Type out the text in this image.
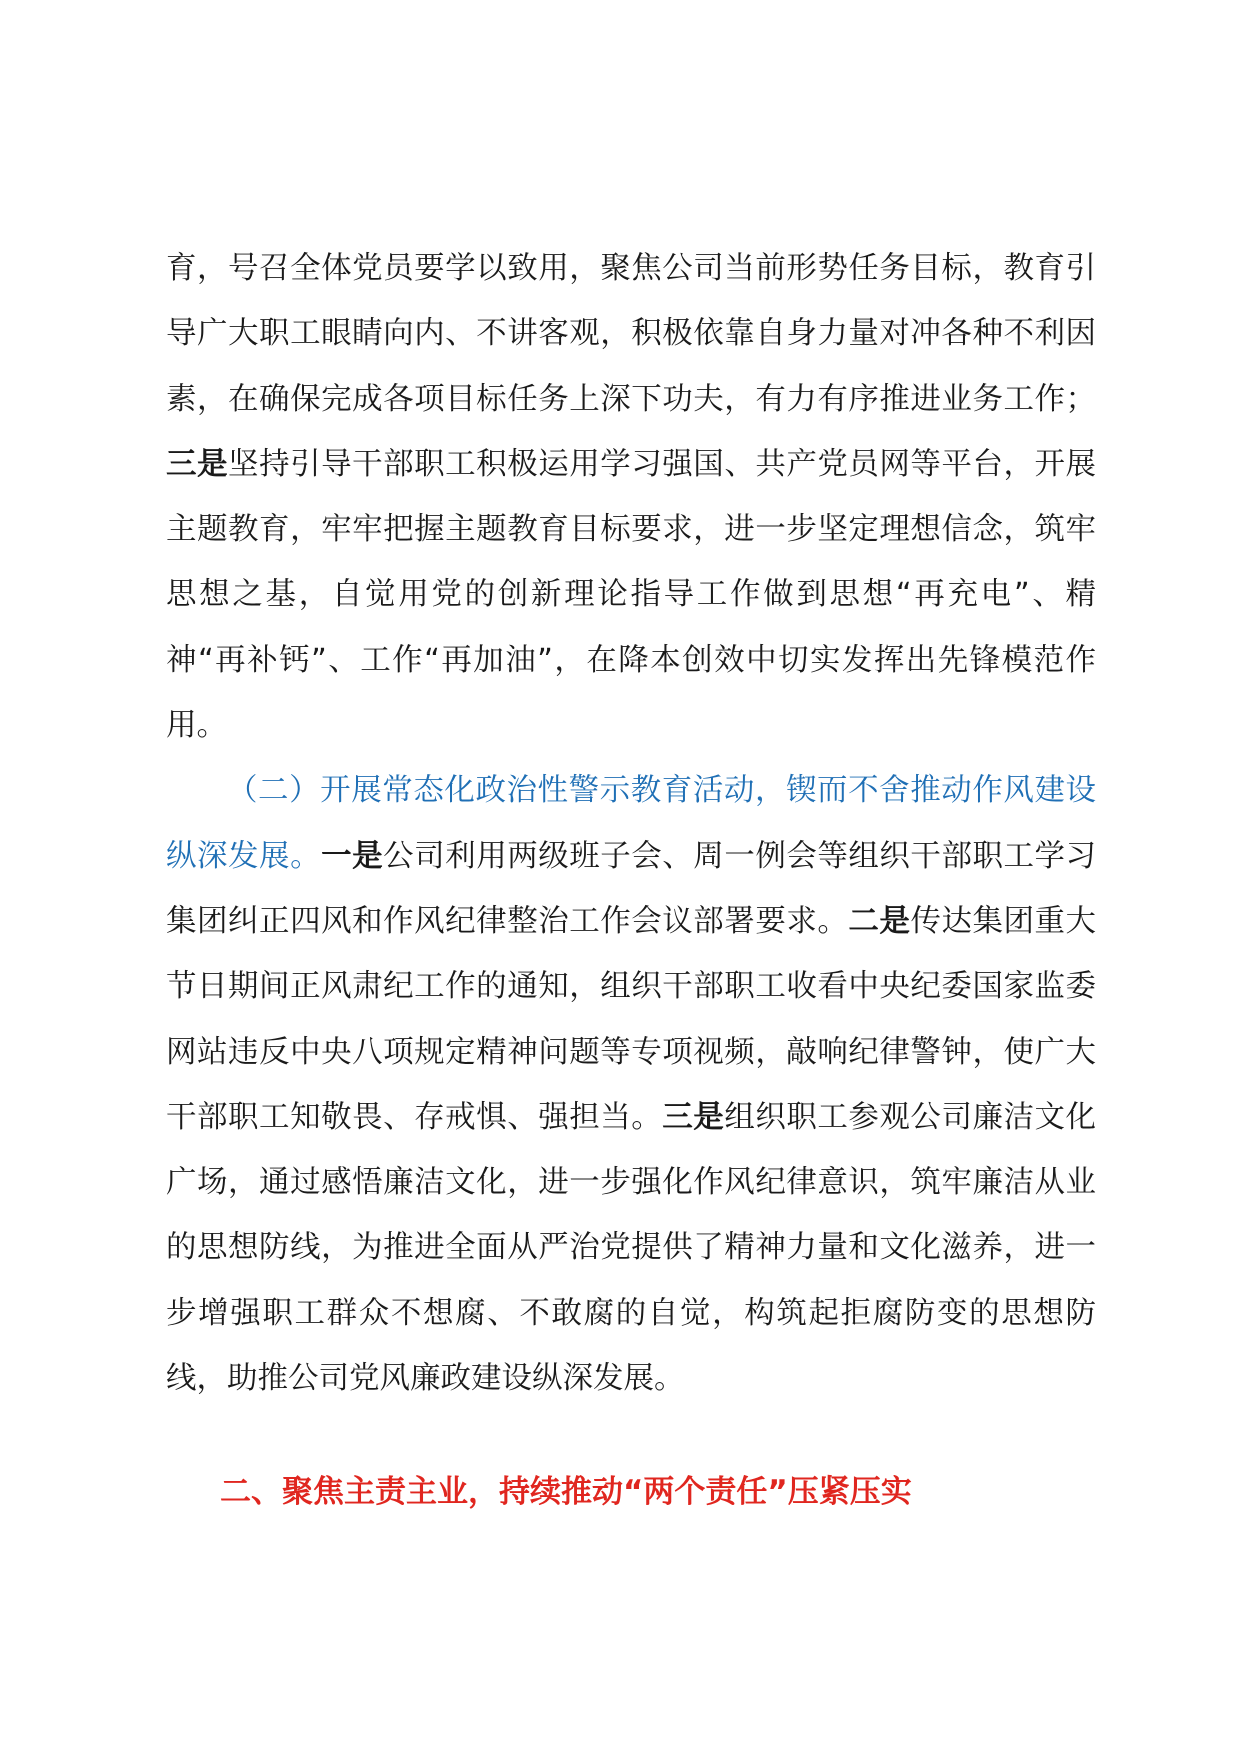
育，号召全体党员要学以致用，聚焦公司当前形势任务目标，教育引导广大职工眼睛向内、不讲客观，积极依靠自身力量对冲各种不利因素，在确保完成各项目标任务上深下功夫，有力有序推进业务工作；三是坚持引导干部职工积极运用学习强国、共产党员网等平台，开展主题教育，牢牢把握主题教育目标要求，进一步坚定理想信念，筑牢思想之基，自觉用党的创新理论指导工作做到思想“再充电”、精神“再补钙”、工作“再加油”，在降本创效中切实发挥出先锋模范作用。

（二）开展常态化政治性警示教育活动，锲而不舍推动作风建设纵深发展。一是公司利用两级班子会、周一例会等组织干部职工学习集团纠正四风和作风纪律整治工作会议部署要求。二是传达集团重大节日期间正风肃纪工作的通知，组织干部职工收看中央纪委国家监委网站违反中央八项规定精神问题等专项视频，敲响纪律警钟，使广大干部职工知敬畏、存戒惧、强担当。三是组织职工参观公司廉洁文化广场，通过感悟廉洁文化，进一步强化作风纪律意识，筑牢廉洁从业的思想防线，为推进全面从严治党提供了精神力量和文化滋养，进一步增强职工群众不想腐、不敢腐的自觉，构筑起拒腐防变的思想防线，助推公司党风廉政建设纵深发展。

二、聚焦主责主业，持续推动“两个责任”压紧压实
